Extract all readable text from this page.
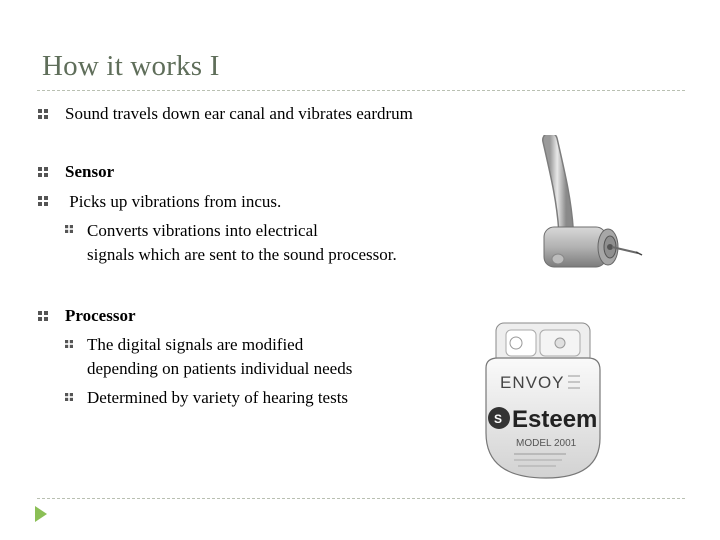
How it works I
Sound travels down ear canal and vibrates eardrum
Sensor
Picks up vibrations from incus.
Converts vibrations into electrical
signals which are sent to the sound processor.
Processor
The digital signals are modified
depending on patients individual needs
Determined by variety of hearing tests
ENVOY
S Esteem
MODEL 2001
